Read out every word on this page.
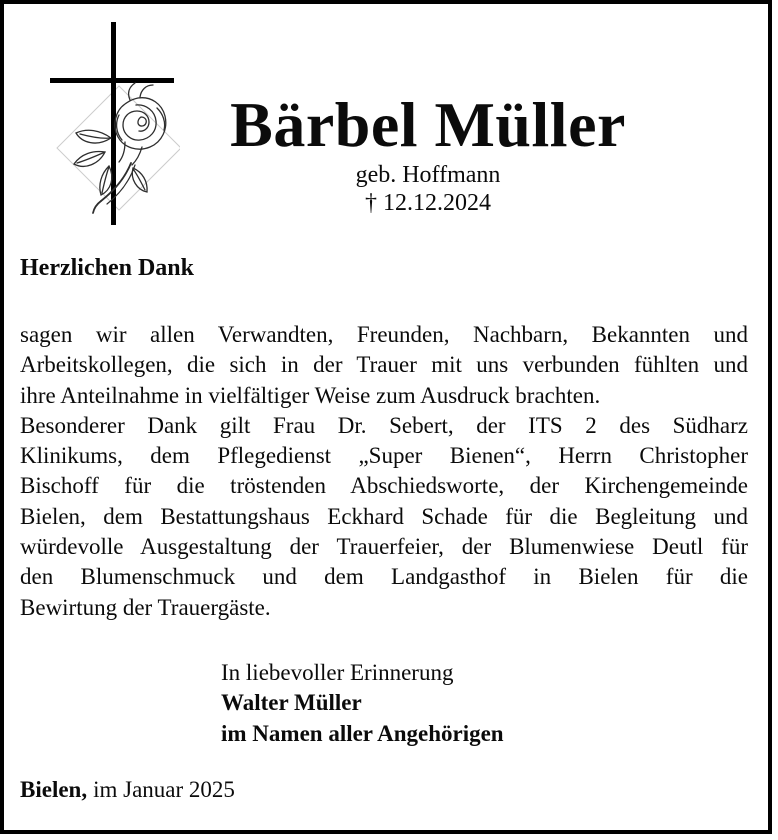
Bärbel Müller
geb. Hoffmann
† 12.12.2024
Herzlichen Dank
sagen wir allen Verwandten, Freunden, Nachbarn, Bekannten und
Arbeitskollegen, die sich in der Trauer mit uns verbunden fühlten und
ihre Anteilnahme in vielfältiger Weise zum Ausdruck brachten.
Besonderer Dank gilt Frau Dr. Sebert, der ITS 2 des Südharz
Klinikums, dem Pflegedienst „Super Bienen“, Herrn Christopher
Bischoff für die tröstenden Abschiedsworte, der Kirchengemeinde
Bielen, dem Bestattungshaus Eckhard Schade für die Begleitung und
würdevolle Ausgestaltung der Trauerfeier, der Blumenwiese Deutl für
den Blumenschmuck und dem Landgasthof in Bielen für die
Bewirtung der Trauergäste.
In liebevoller Erinnerung
Walter Müller
im Namen aller Angehörigen
Bielen, im Januar 2025
